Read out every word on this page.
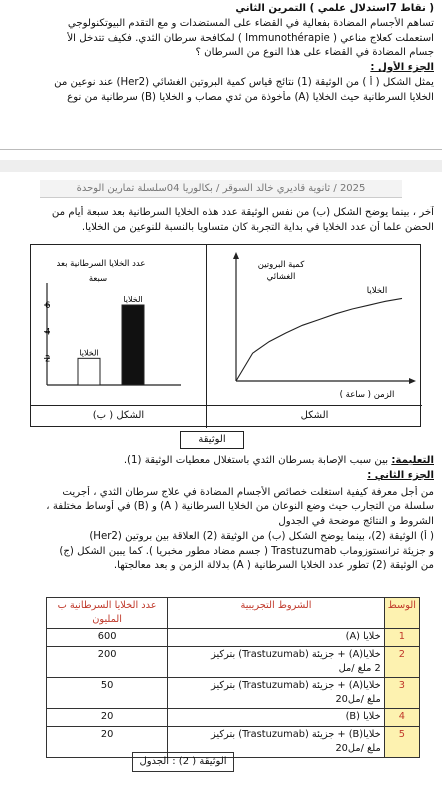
( نقاط 7استدلال علمي ) التمرين الثاني
تساهم الأجسام المضادة بفعالية في القضاء على المستضدات و مع التقدم البيوتكنولوجي
استعملت كعلاج مناعي ( Immunothérapie ) لمكافحة سرطان الثدي. فكيف تتدخل الأ
جسام المضادة في القضاء على هذا النوع من السرطان ؟
الجزء الأول :
يمثل الشكل ( أ ) من الوثيقة (1) نتائج قياس كمية البروتين الغشائي (Her2) عند نوعين من
الخلايا السرطانية حيث الخلايا (A) مأخوذة من ثدي مصاب و الخلايا (B) سرطانية من نوع
2025 / ثانوية قاديري خالد السوقر / بكالوريا 04سلسلة تمارين الوحدة
آخر ، بينما يوضح الشكل (ب) من نفس الوثيقة عدد هذه الخلايا السرطانية بعد سبعة أيام من
الحضن علما أن عدد الخلايا في بداية التجربة كان متساويا بالنسبة للنوعين من الخلايا.
عدد الخلايا السرطانية بعد
سبعة
2
4
6
الخلايا
الخلايا
كمية البروتين
الغشائي
الخلايا
الزمن ( ساعة )
الشكل ( ب)	الشكل
الوثيقة
التعليمة: بين سبب الإصابة بسرطان الثدي باستغلال معطيات الوثيقة (1).
الجزء الثاني :
من أجل معرفة كيفية استغلت خصائص الأجسام المضادة في علاج سرطان الثدي ، أجريت
سلسلة من التجارب حيث وضع النوعان من الخلايا السرطانية ( A) و (B) في أوساط مختلفة ،
الشروط و النتائج موضحة في الجدول
( أ) الوثيقة (2)، بينما يوضح الشكل (ب) من الوثيقة (2) العلاقة بين بروتين (Her2)
و جزيئة ترانستوزوماب Trastuzumab ( جسم مضاد مطور مخبريا ). كما يبين الشكل (ج)
من الوثيقة (2) تطور عدد الخلايا السرطانية ( A) بدلالة الزمن و بعد معالجتها.
الوسط	الشروط التجريبية	عدد الخلايا السرطانية ب
المليون
1	خلايا (A)	600
2	خلايا(A) + جزيئة (Trastuzumab) بتركيز
2 ملغ /مل	200
3	خلايا(A) + جزيئة (Trastuzumab) بتركيز
ملغ /مل20	50
4	خلايا (B)	20
5	خلايا(B) + جزيئة (Trastuzumab) بتركيز
ملغ /مل20	20
الوثيقة ( 2) : الجدول
